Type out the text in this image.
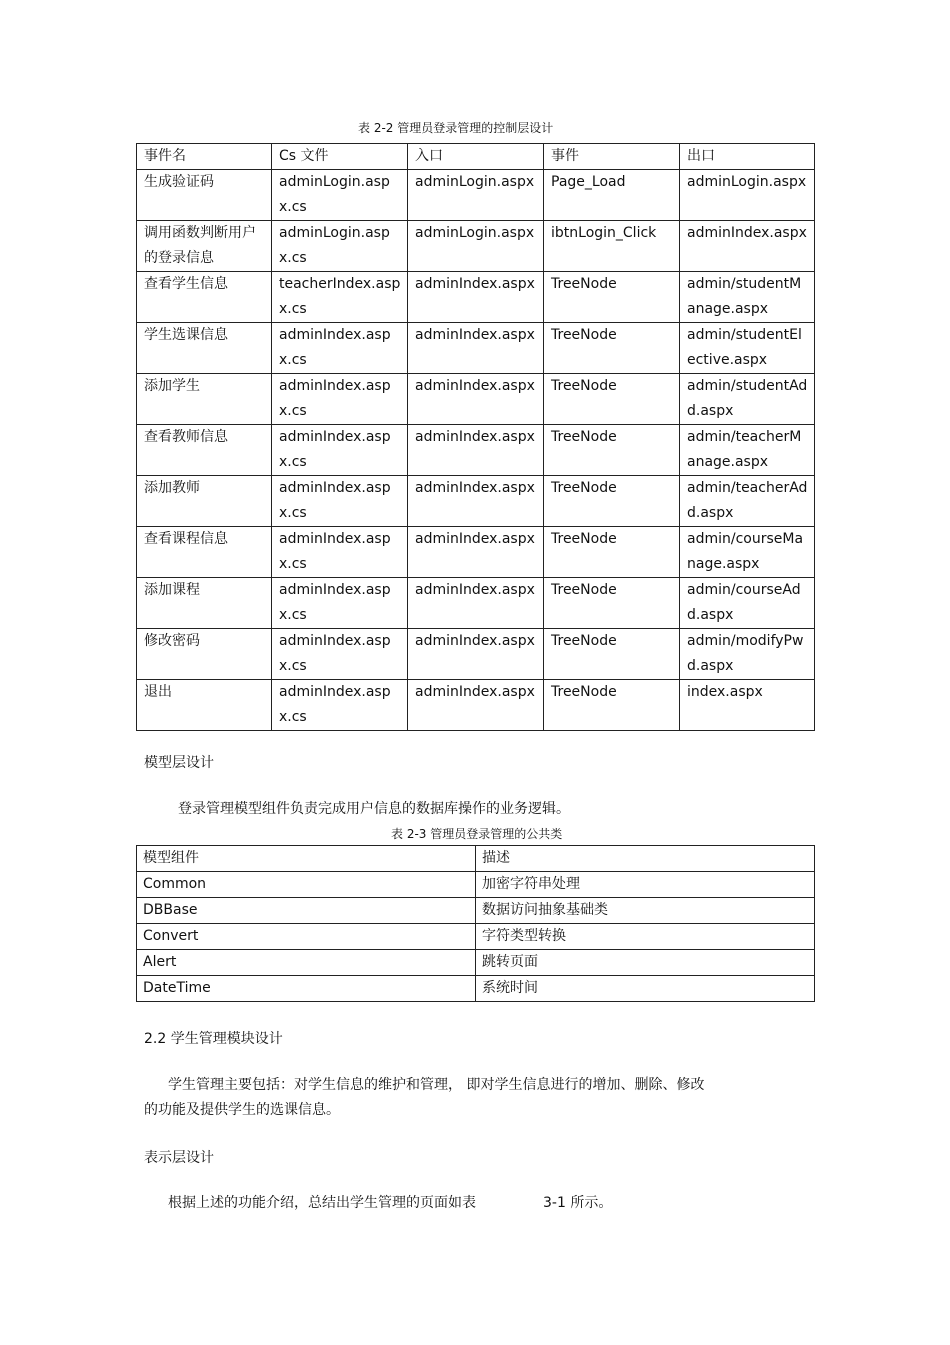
表 2-2 管理员登录管理的控制层设计
事件名	Cs 文件	入口	事件	出口

生成验证码	adminLogin.aspx.cs	adminLogin.aspx	Page_Load	adminLogin.aspx

调用函数判断用户的登录信息	adminLogin.aspx.cs	adminLogin.aspx	ibtnLogin_Click	adminIndex.aspx

查看学生信息	teacherIndex.aspx.cs	adminIndex.aspx	TreeNode	admin/studentManage.aspx

学生选课信息	adminIndex.aspx.cs	adminIndex.aspx	TreeNode	admin/studentElective.aspx

添加学生	adminIndex.aspx.cs	adminIndex.aspx	TreeNode	admin/studentAdd.aspx

查看教师信息	adminIndex.aspx.cs	adminIndex.aspx	TreeNode	admin/teacherManage.aspx

添加教师	adminIndex.aspx.cs	adminIndex.aspx	TreeNode	admin/teacherAdd.aspx

查看课程信息	adminIndex.aspx.cs	adminIndex.aspx	TreeNode	admin/courseManage.aspx

添加课程	adminIndex.aspx.cs	adminIndex.aspx	TreeNode	admin/courseAdd.aspx

修改密码	adminIndex.aspx.cs	adminIndex.aspx	TreeNode	admin/modifyPwd.aspx

退出	adminIndex.aspx.cs	adminIndex.aspx	TreeNode	index.aspx
模型层设计
登录管理模型组件负责完成用户信息的数据库操作的业务逻辑。
表 2-3 管理员登录管理的公共类
模型组件	描述

Common	加密字符串处理

DBBase	数据访问抽象基础类

Convert	字符类型转换

Alert	跳转页面

DateTime	系统时间
2.2 学生管理模块设计
学生管理主要包括：对学生信息的维护和管理， 即对学生信息进行的增加、删除、修改
的功能及提供学生的选课信息。
表示层设计
根据上述的功能介绍，总结出学生管理的页面如表	3-1 所示。
